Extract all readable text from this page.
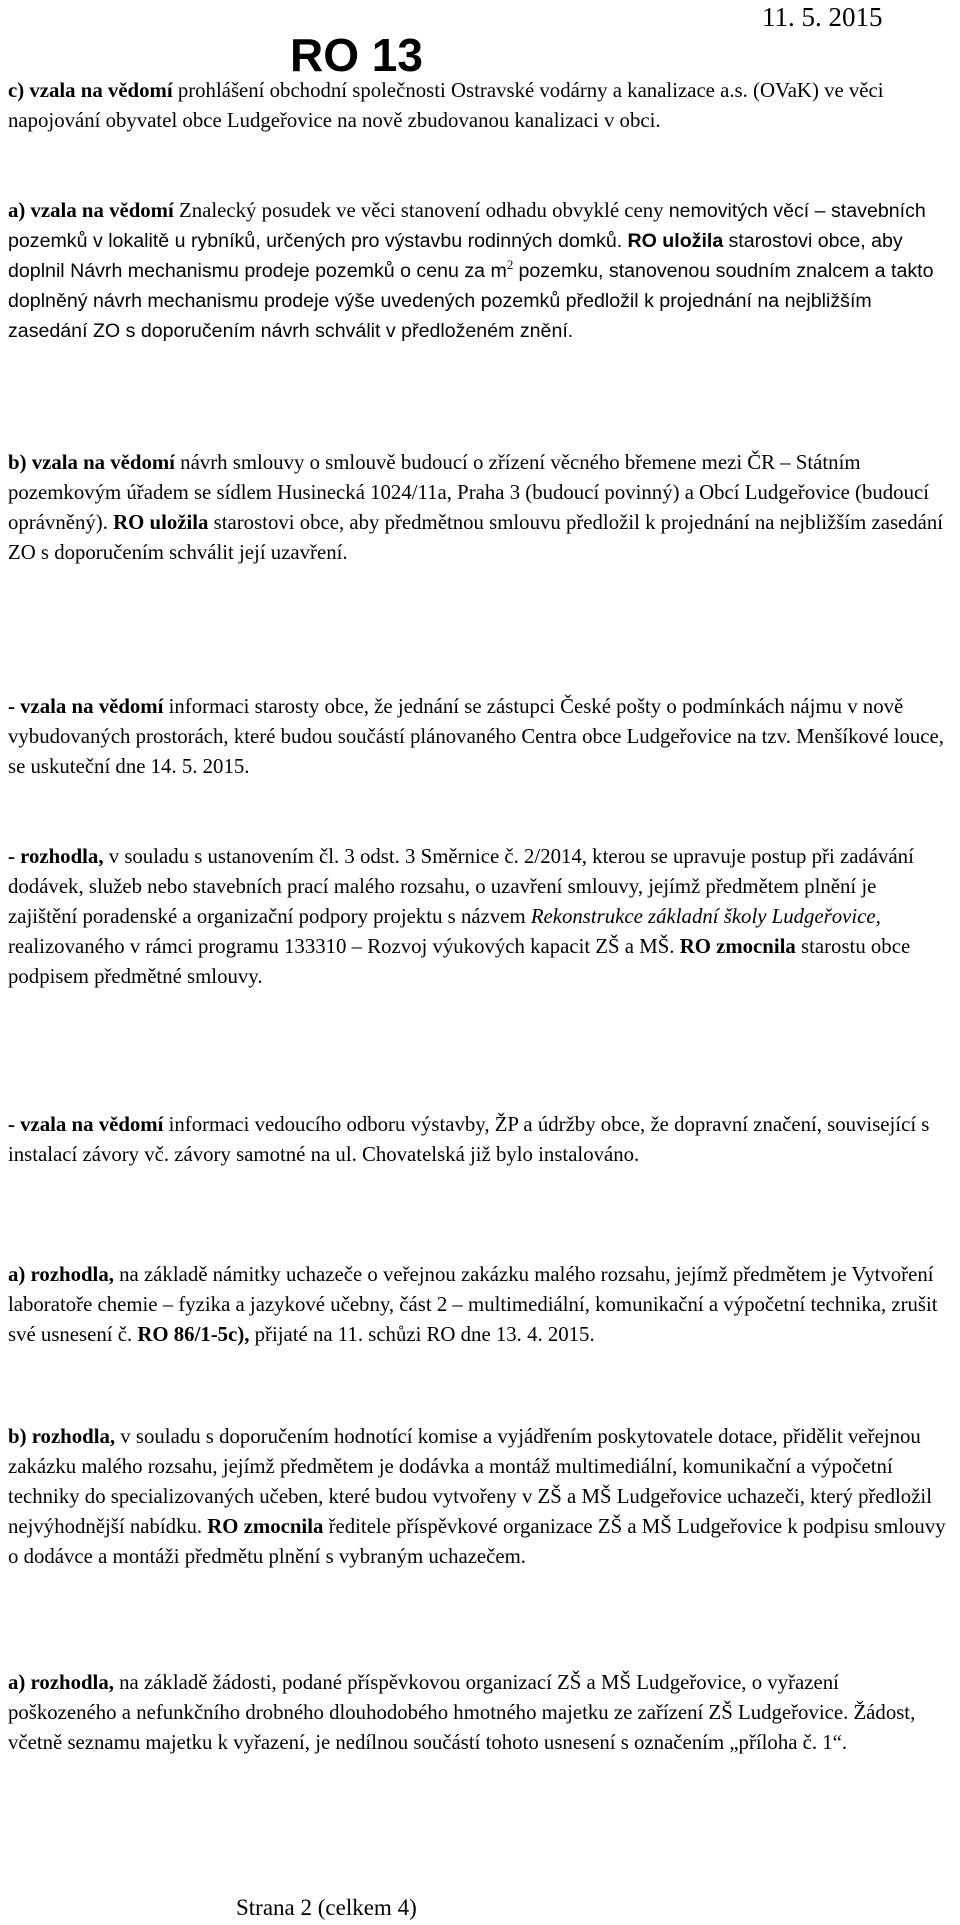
11. 5. 2015
RO 13

c) vzala na vědomí prohlášení obchodní společnosti Ostravské vodárny a kanalizace a.s. (OVaK) ve věci napojování obyvatel obce Ludgeřovice na nově zbudovanou kanalizaci v obci.

a) vzala na vědomí Znalecký posudek ve věci stanovení odhadu obvyklé ceny nemovitých věcí – stavebních pozemků v lokalitě u rybníků, určených pro výstavbu rodinných domků. RO uložila starostovi obce, aby doplnil Návrh mechanismu prodeje pozemků o cenu za $m^2$ pozemku, stanovenou soudním znalcem a takto doplněný návrh mechanismu prodeje výše uvedených pozemků předložil k projednání na nejbližším zasedání ZO s doporučením návrh schválit v předloženém znění.

b) vzala na vědomí návrh smlouvy o smlouvě budoucí o zřízení věcného břemene mezi ČR – Státním pozemkovým úřadem se sídlem Husinecká 1024/11a, Praha 3 (budoucí povinný) a Obcí Ludgeřovice (budoucí oprávněný). RO uložila starostovi obce, aby předmětnou smlouvu předložil k projednání na nejbližším zasedání ZO s doporučením schválit její uzavření.

- vzala na vědomí informaci starosty obce, že jednání se zástupci České pošty o podmínkách nájmu v nově vybudovaných prostorách, které budou součástí plánovaného Centra obce Ludgeřovice na tzv. Menšíkové louce, se uskuteční dne 14. 5. 2015.

- rozhodla, v souladu s ustanovením čl. 3 odst. 3 Směrnice č. 2/2014, kterou se upravuje postup při zadávání dodávek, služeb nebo stavebních prací malého rozsahu, o uzavření smlouvy, jejímž předmětem plnění je zajištění poradenské a organizační podpory projektu s názvem Rekonstrukce základní školy Ludgeřovice, realizovaného v rámci programu 133310 – Rozvoj výukových kapacit ZŠ a MŠ. RO zmocnila starostu obce podpisem předmětné smlouvy.

- vzala na vědomí informaci vedoucího odboru výstavby, ŽP a údržby obce, že dopravní značení, související s instalací závory vč. závory samotné na ul. Chovatelská již bylo instalováno.

a) rozhodla, na základě námitky uchazeče o veřejnou zakázku malého rozsahu, jejímž předmětem je Vytvoření laboratoře chemie – fyzika a jazykové učebny, část 2 – multimediální, komunikační a výpočetní technika, zrušit své usnesení č. RO 86/1-5c), přijaté na 11. schůzi RO dne 13. 4. 2015.

b) rozhodla, v souladu s doporučením hodnotící komise a vyjádřením poskytovatele dotace, přidělit veřejnou zakázku malého rozsahu, jejímž předmětem je dodávka a montáž multimediální, komunikační a výpočetní techniky do specializovaných učeben, které budou vytvořeny v ZŠ a MŠ Ludgeřovice uchazeči, který předložil nejvýhodnější nabídku. RO zmocnila ředitele příspěvkové organizace ZŠ a MŠ Ludgeřovice k podpisu smlouvy o dodávce a montáži předmětu plnění s vybraným uchazečem.

a) rozhodla, na základě žádosti, podané příspěvkovou organizací ZŠ a MŠ Ludgeřovice, o vyřazení poškozeného a nefunkčního drobného dlouhodobého hmotného majetku ze zařízení ZŠ Ludgeřovice. Žádost, včetně seznamu majetku k vyřazení, je nedílnou součástí tohoto usnesení s označením „příloha č. 1“.

Strana 2 (celkem 4)
